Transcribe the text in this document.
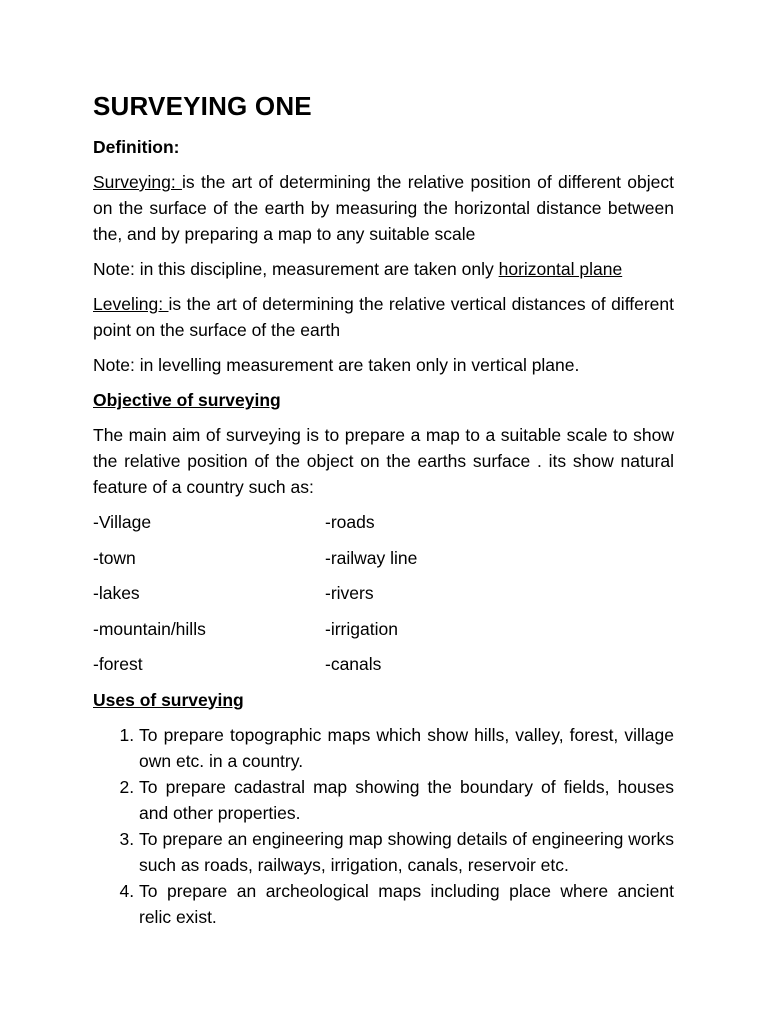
SURVEYING ONE
Definition:
Surveying: is the art of determining the relative position of different object on the surface of the earth by measuring the horizontal distance between the, and by preparing a map to any suitable scale
Note: in this discipline, measurement are taken only horizontal plane
Leveling: is the art of determining the relative vertical distances of different point on the surface of the earth
Note: in levelling measurement are taken only in vertical plane.
Objective of surveying
The main aim of surveying is to prepare a map to a suitable scale to show the relative position of the object on the earths surface . its show natural feature of a country such as:
-Village	-roads
-town	-railway line
-lakes	-rivers
-mountain/hills	-irrigation
-forest	-canals
Uses of surveying
1. To prepare topographic maps which show hills, valley, forest, village own etc. in a country.
2. To prepare cadastral map showing the boundary of fields, houses and other properties.
3. To prepare an engineering map showing details of engineering works such as roads, railways, irrigation, canals, reservoir etc.
4. To prepare an archeological maps including place where ancient relic exist.
